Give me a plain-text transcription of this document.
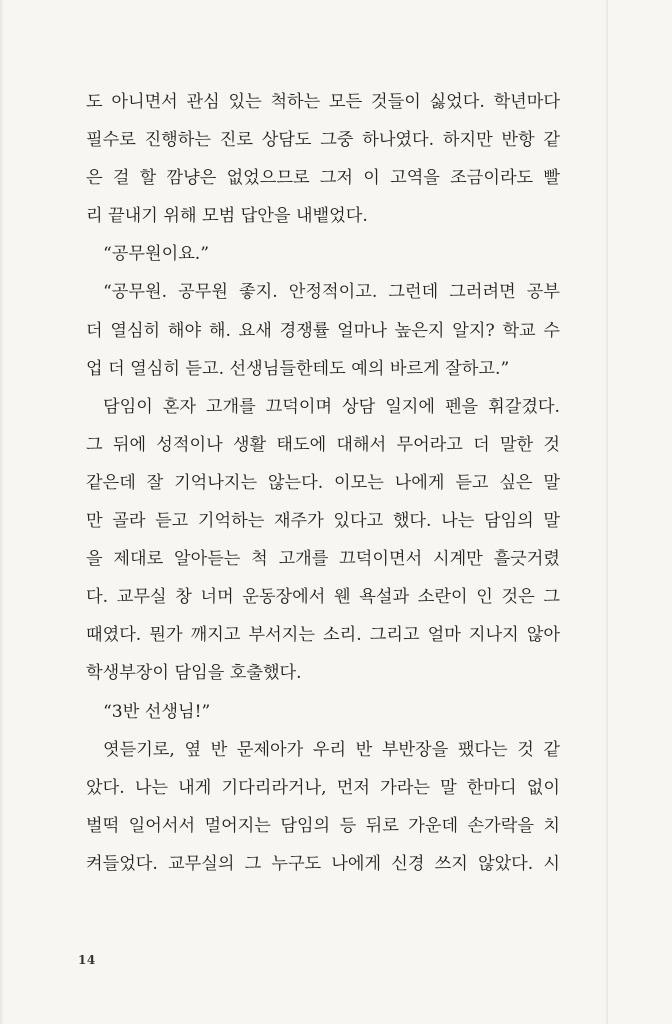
도 아니면서 관심 있는 척하는 모든 것들이 싫었다. 학년마다
필수로 진행하는 진로 상담도 그중 하나였다. 하지만 반항 같
은 걸 할 깜냥은 없었으므로 그저 이 고역을 조금이라도 빨
리 끝내기 위해 모범 답안을 내뱉었다.
“공무원이요.”
“공무원. 공무원 좋지. 안정적이고. 그런데 그러려면 공부
더 열심히 해야 해. 요새 경쟁률 얼마나 높은지 알지? 학교 수
업 더 열심히 듣고. 선생님들한테도 예의 바르게 잘하고.”
담임이 혼자 고개를 끄덕이며 상담 일지에 펜을 휘갈겼다.
그 뒤에 성적이나 생활 태도에 대해서 무어라고 더 말한 것
같은데 잘 기억나지는 않는다. 이모는 나에게 듣고 싶은 말
만 골라 듣고 기억하는 재주가 있다고 했다. 나는 담임의 말
을 제대로 알아듣는 척 고개를 끄덕이면서 시계만 흘긋거렸
다. 교무실 창 너머 운동장에서 웬 욕설과 소란이 인 것은 그
때였다. 뭔가 깨지고 부서지는 소리. 그리고 얼마 지나지 않아
학생부장이 담임을 호출했다.
“3반 선생님!”
엿듣기로, 옆 반 문제아가 우리 반 부반장을 팼다는 것 같
았다. 나는 내게 기다리라거나, 먼저 가라는 말 한마디 없이
벌떡 일어서서 멀어지는 담임의 등 뒤로 가운데 손가락을 치
켜들었다. 교무실의 그 누구도 나에게 신경 쓰지 않았다. 시
14
